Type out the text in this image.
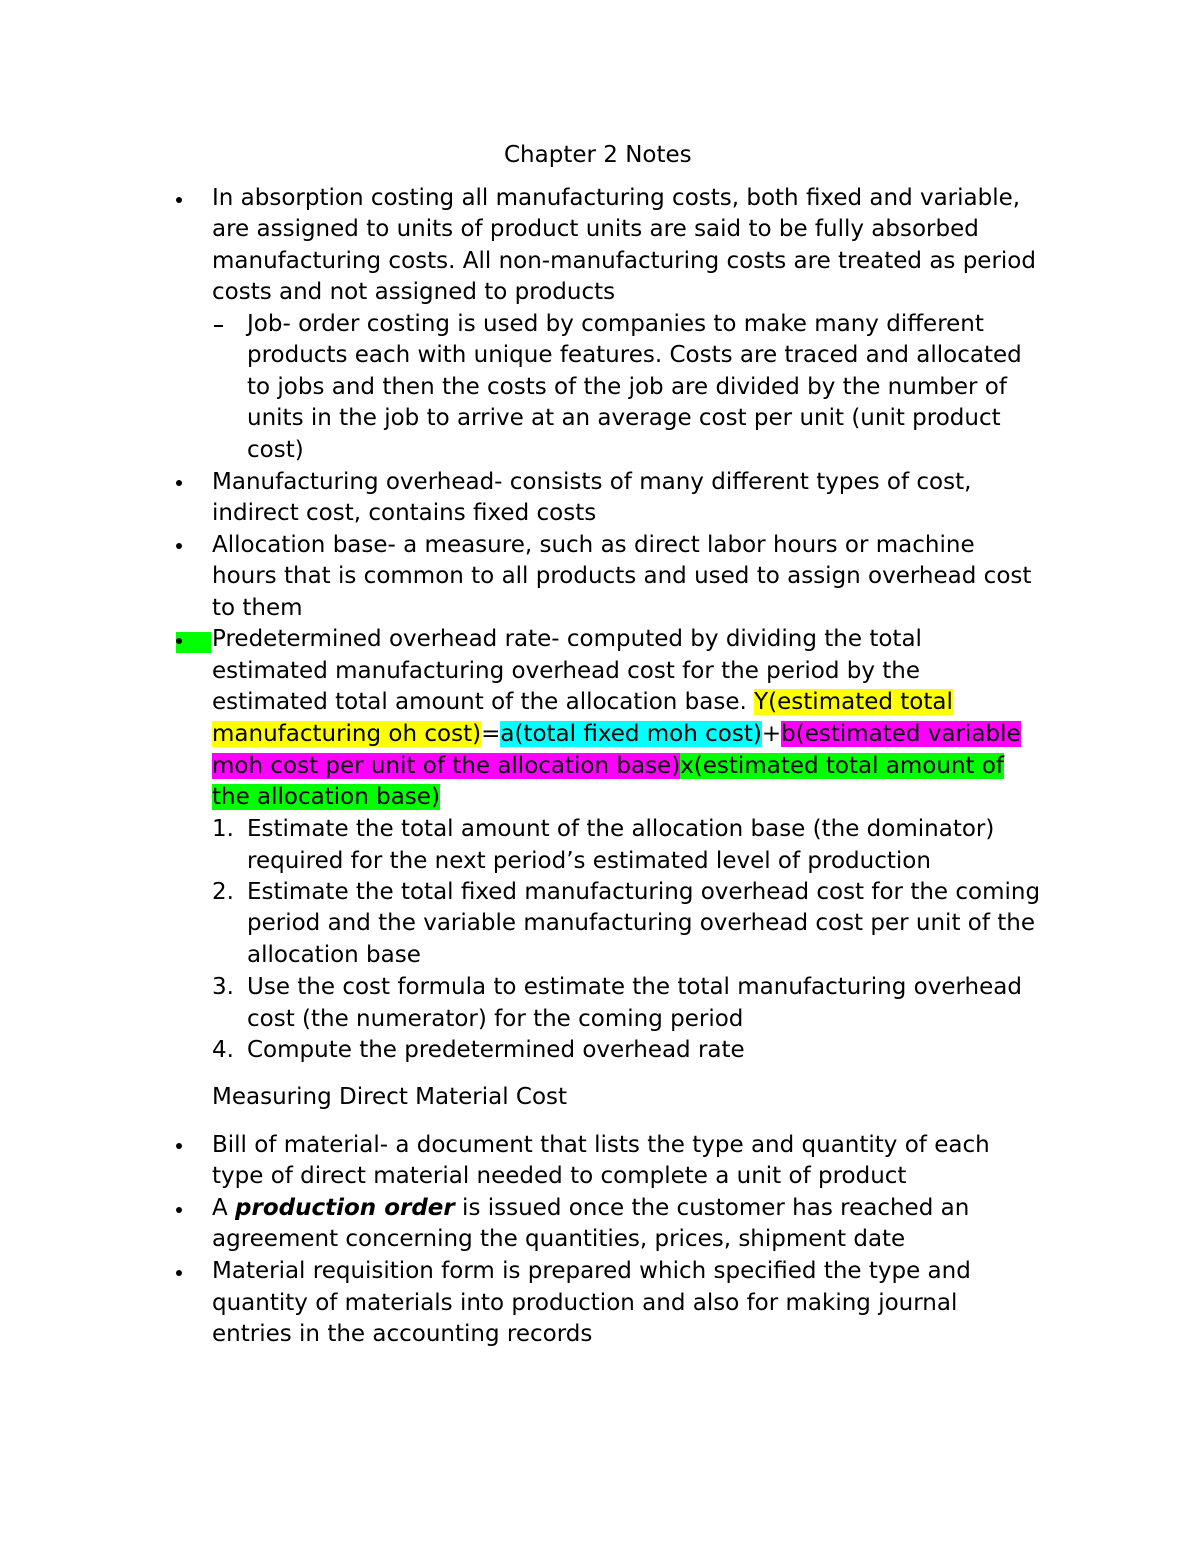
Chapter 2 Notes
In absorption costing all manufacturing costs, both fixed and variable,
are assigned to units of product units are said to be fully absorbed
manufacturing costs. All non-manufacturing costs are treated as period
costs and not assigned to products
Job- order costing is used by companies to make many different
products each with unique features. Costs are traced and allocated
to jobs and then the costs of the job are divided by the number of
units in the job to arrive at an average cost per unit (unit product
cost)
Manufacturing overhead- consists of many different types of cost,
indirect cost, contains fixed costs
Allocation base- a measure, such as direct labor hours or machine
hours that is common to all products and used to assign overhead cost
to them
Predetermined overhead rate- computed by dividing the total
estimated manufacturing overhead cost for the period by the
estimated total amount of the allocation base. Y(estimated total
manufacturing oh cost)=a(total fixed moh cost)+b(estimated variable
moh cost per unit of the allocation base)x(estimated total amount of
the allocation base)
1. Estimate the total amount of the allocation base (the dominator)
required for the next period’s estimated level of production
2. Estimate the total fixed manufacturing overhead cost for the coming
period and the variable manufacturing overhead cost per unit of the
allocation base
3. Use the cost formula to estimate the total manufacturing overhead
cost (the numerator) for the coming period
4. Compute the predetermined overhead rate
Measuring Direct Material Cost
Bill of material- a document that lists the type and quantity of each
type of direct material needed to complete a unit of product
A production order is issued once the customer has reached an
agreement concerning the quantities, prices, shipment date
Material requisition form is prepared which specified the type and
quantity of materials into production and also for making journal
entries in the accounting records
